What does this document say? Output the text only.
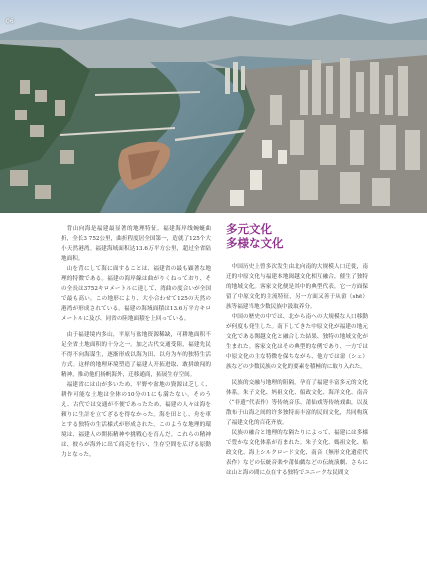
06

背山向海是福建最显著的地理特征。福建海岸线蜿蜒曲折，全长3 752公里，曲折程度居全国第一，造就了125个大小天然港湾。福建海域面积达13.6万平方公里，超过全省陆地面积。

山を背にして海に面することは、福建省の最も顕著な地理的特徴である。福建の海岸線は曲がりくねっており、その全長は3752キロメートルに達して、湾曲の度合いが全国で最も高い。この地形により、大小合わせて125の天然の港湾が形成されている。福建の海域面積は13.6万平方キロメートルに及び、同省の陸地面積を上回っている。

由于福建境内多山，平原与盆地资源稀缺，可耕地面积不足全省土地面积的十分之一。加之古代交通受阻，福建先民不得不向海谋生，逐渐形成以海为田、以舟为车的独特生活方式。这样的地理环境塑造了福建人开拓进取、敢拼敢闯的精神，推动他们扬帆海外，迁移通商，拓展生存空间。

福建省には山が多いため、平野や盆地の資源は乏しく、耕作可能な土地は全体の10分の1にも満たない。そのうえ、古代では交通が不便であったため、福建の人々は海を頼りに生計を立てざるを得なかった。海を田とし、舟を車とする独特の生活様式が形成された。このような地理的環境は、福建人の開拓精神や挑戦心を育んだ。これらの精神は、彼らが海外に出て商売を行い、生存空間を広げる原動力となった。

多元文化
多様な文化

中国历史上曾多次发生由北向南的大规模人口迁徙，南迁的中原文化与福建本地闽越文化相互融合，催生了独特的地域文化。客家文化便是其中的典型代表，它一方面保留了中原文化的主流特征，另一方面又善于从畲（shē）族等福建当地少数民族中汲取养分。

中国の歴史の中では、北から南への大規模な人口移動が何度も発生した。南下してきた中原文化が福建の地元文化である閩越文化と融合した結果、独特の地域文化が生まれた。客家文化はその典型的な例であり、一方では中原文化の主な特徴を保ちながら、他方では畲（シェ）族などの少数民族の文化的要素を積極的に取り入れた。

民族的交融与地理的阻隔，孕育了福建丰富多元的文化体系。朱子文化、妈祖文化、船政文化、海洋文化、南音（“非遗”代表作）等传统音乐、莆仙戏等传统戏曲，以及散布于山海之间的许多独特而丰富的民间文化，共同构筑了福建文化的百花齐放。

民族の融合と地理的な隔たりによって、福建には多様で豊かな文化体系が育まれた。朱子文化、媽祖文化、船政文化、海上シルクロード文化、南音（無形文化遺産代表作）などの伝統音楽や莆仙戯などの伝統演劇、さらには山と海の間に点在する独特でユニークな民間文
